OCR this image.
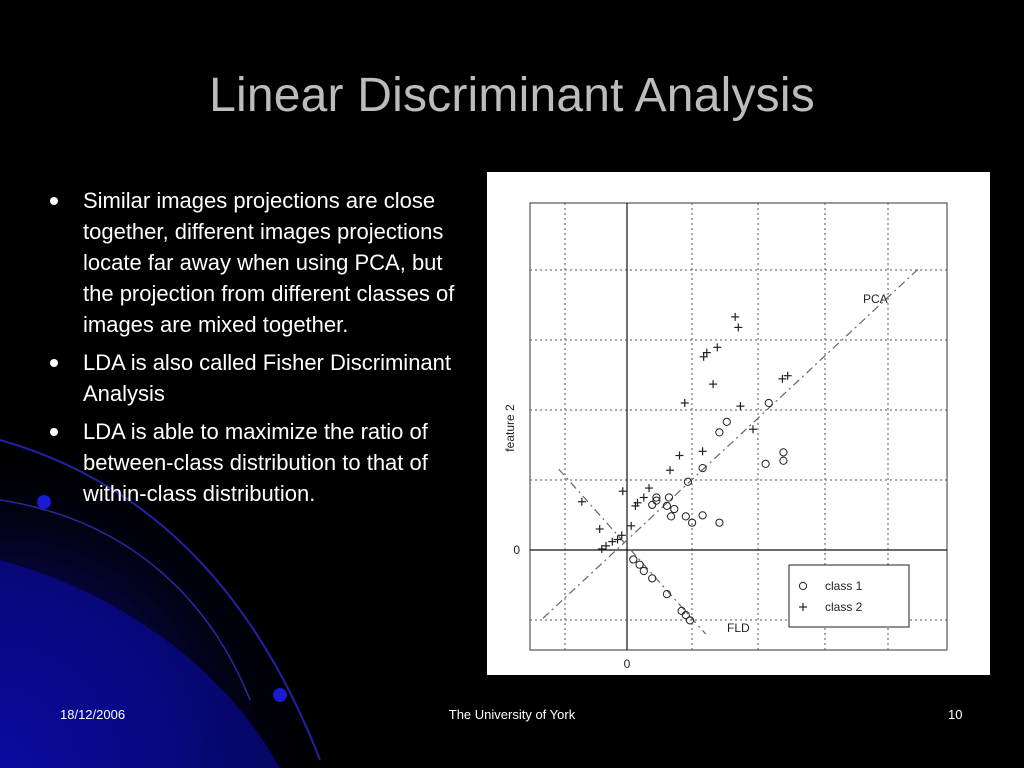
Linear Discriminant Analysis
Similar images projections are close together, different images projections locate far away when using PCA, but the projection from different classes of images are mixed together.
LDA is also called Fisher Discriminant Analysis
LDA is able to maximize the ratio of between-class distribution to that of within-class distribution.
0
0
feature 2
PCA
FLD
class 1
class 2
18/12/2006	The University of York	10
